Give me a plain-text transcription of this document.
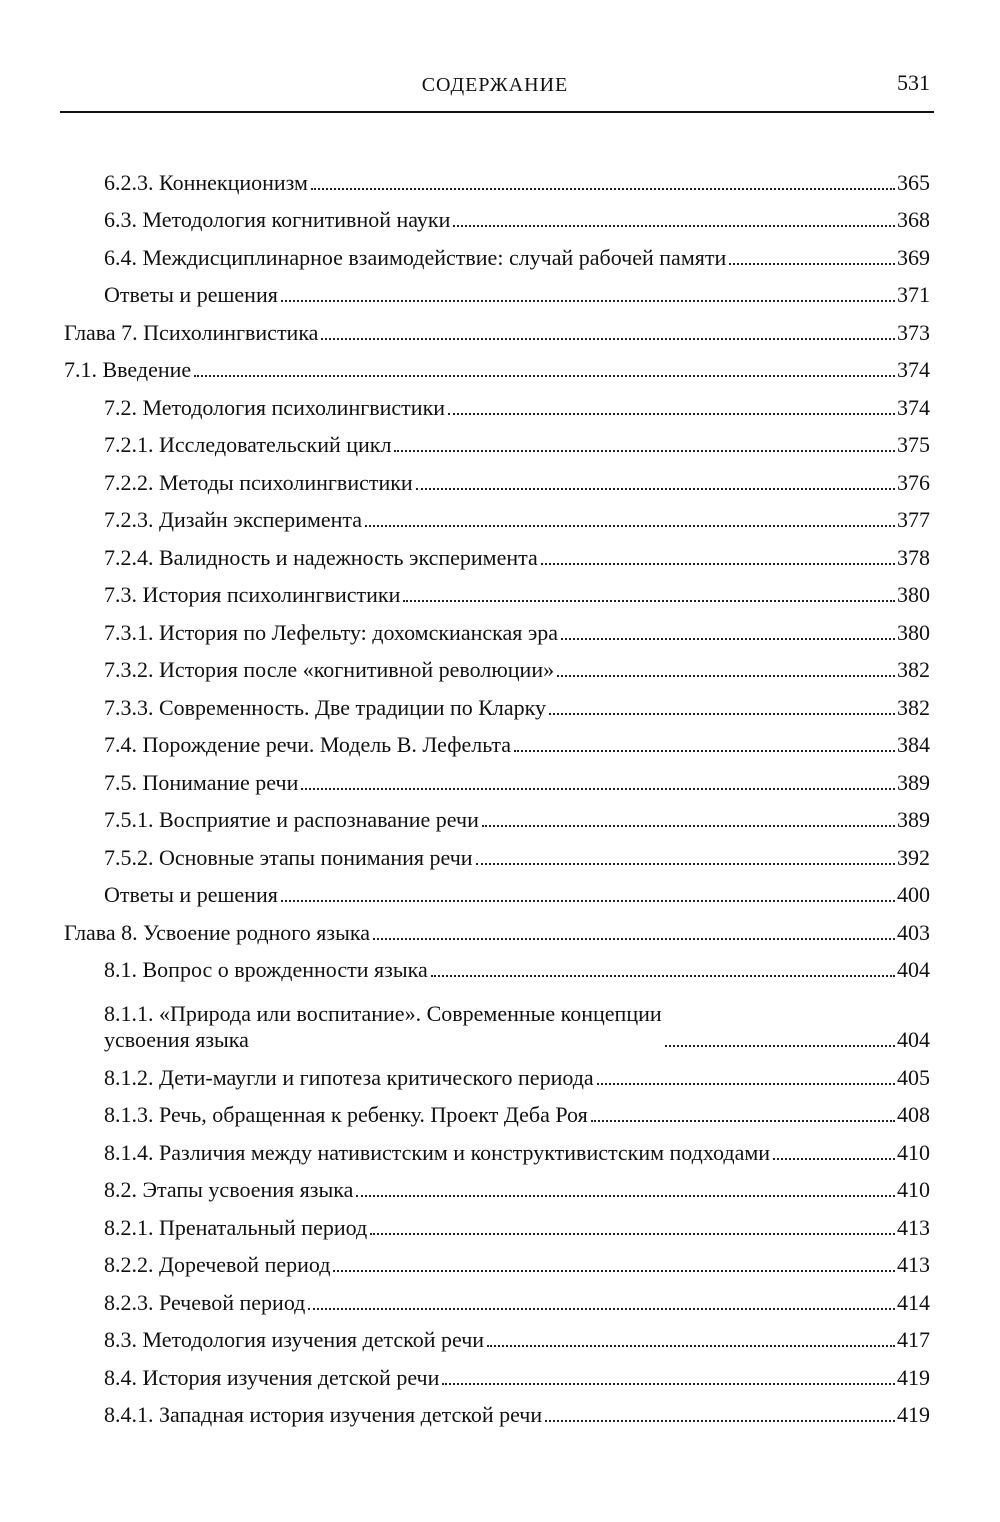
СОДЕРЖАНИЕ	531
6.2.3. Коннекционизм	365
6.3. Методология когнитивной науки	368
6.4. Междисциплинарное взаимодействие: случай рабочей памяти	369
Ответы и решения	371
Глава 7. Психолингвистика	373
7.1. Введение	374
7.2. Методология психолингвистики	374
7.2.1. Исследовательский цикл	375
7.2.2. Методы психолингвистики	376
7.2.3. Дизайн эксперимента	377
7.2.4. Валидность и надежность эксперимента	378
7.3. История психолингвистики	380
7.3.1. История по Лефельту: дохомскианская эра	380
7.3.2. История после «когнитивной революции»	382
7.3.3. Современность. Две традиции по Кларку	382
7.4. Порождение речи. Модель В. Лефельта	384
7.5. Понимание речи	389
7.5.1. Восприятие и распознавание речи	389
7.5.2. Основные этапы понимания речи	392
Ответы и решения	400
Глава 8. Усвоение родного языка	403
8.1. Вопрос о врожденности языка	404
8.1.1. «Природа или воспитание». Современные концепции
усвоения языка	404
8.1.2. Дети-маугли и гипотеза критического периода	405
8.1.3. Речь, обращенная к ребенку. Проект Деба Роя	408
8.1.4. Различия между нативистским и конструктивистским подходами	410
8.2. Этапы усвоения языка	410
8.2.1. Пренатальный период	413
8.2.2. Доречевой период	413
8.2.3. Речевой период	414
8.3. Методология изучения детской речи	417
8.4. История изучения детской речи	419
8.4.1. Западная история изучения детской речи	419
